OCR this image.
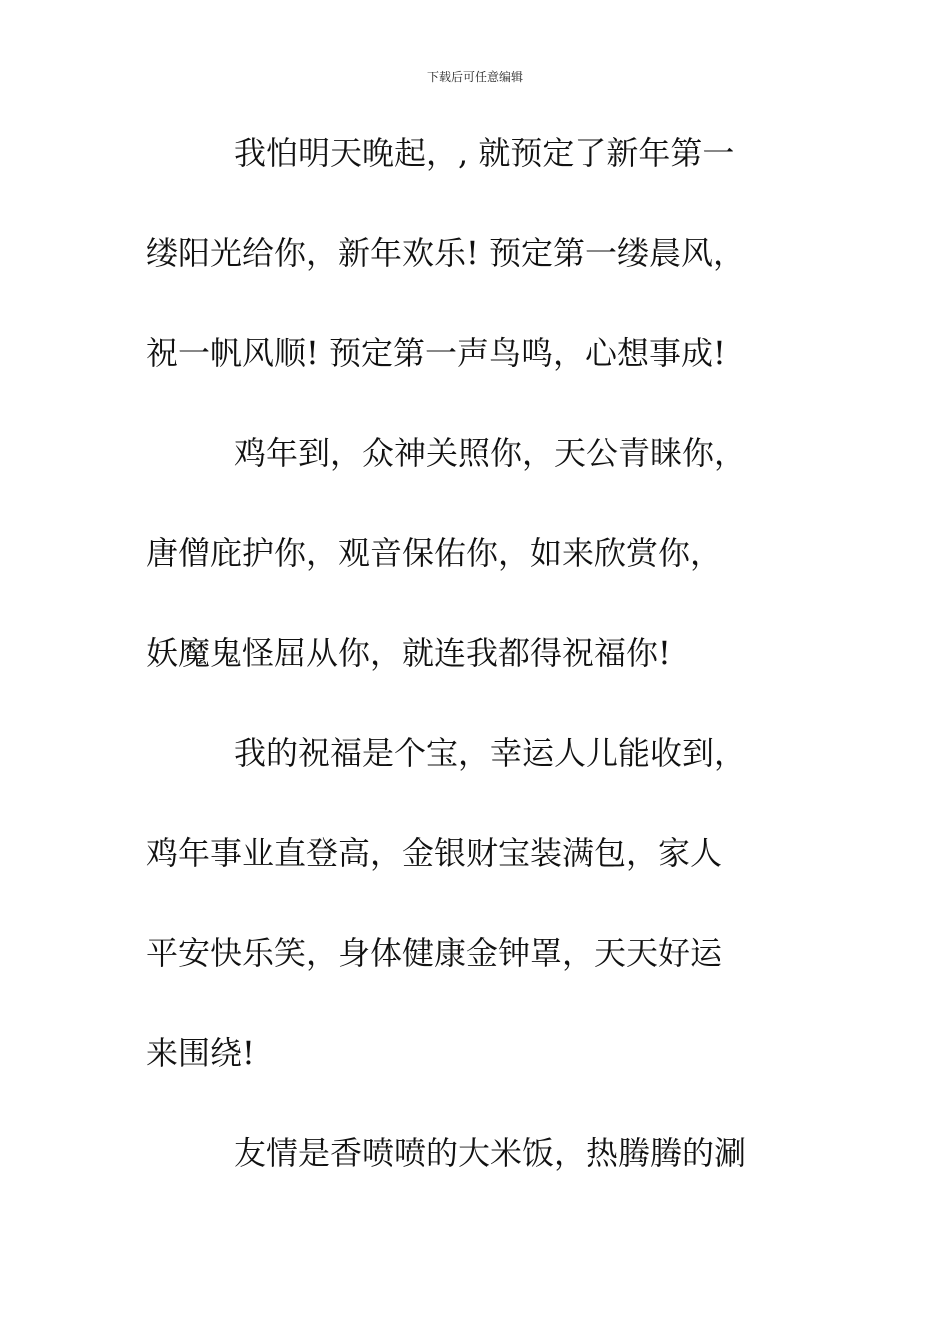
下载后可任意编辑
我怕明天晚起，, 就预定了新年第一
缕阳光给你，新年欢乐! 预定第一缕晨风，
祝一帆风顺! 预定第一声鸟鸣，心想事成!
鸡年到，众神关照你，天公青睐你，
唐僧庇护你，观音保佑你，如来欣赏你，
妖魔鬼怪屈从你，就连我都得祝福你!
我的祝福是个宝，幸运人儿能收到，
鸡年事业直登高，金银财宝装满包，家人
平安快乐笑，身体健康金钟罩，天天好运
来围绕!
友情是香喷喷的大米饭，热腾腾的涮
